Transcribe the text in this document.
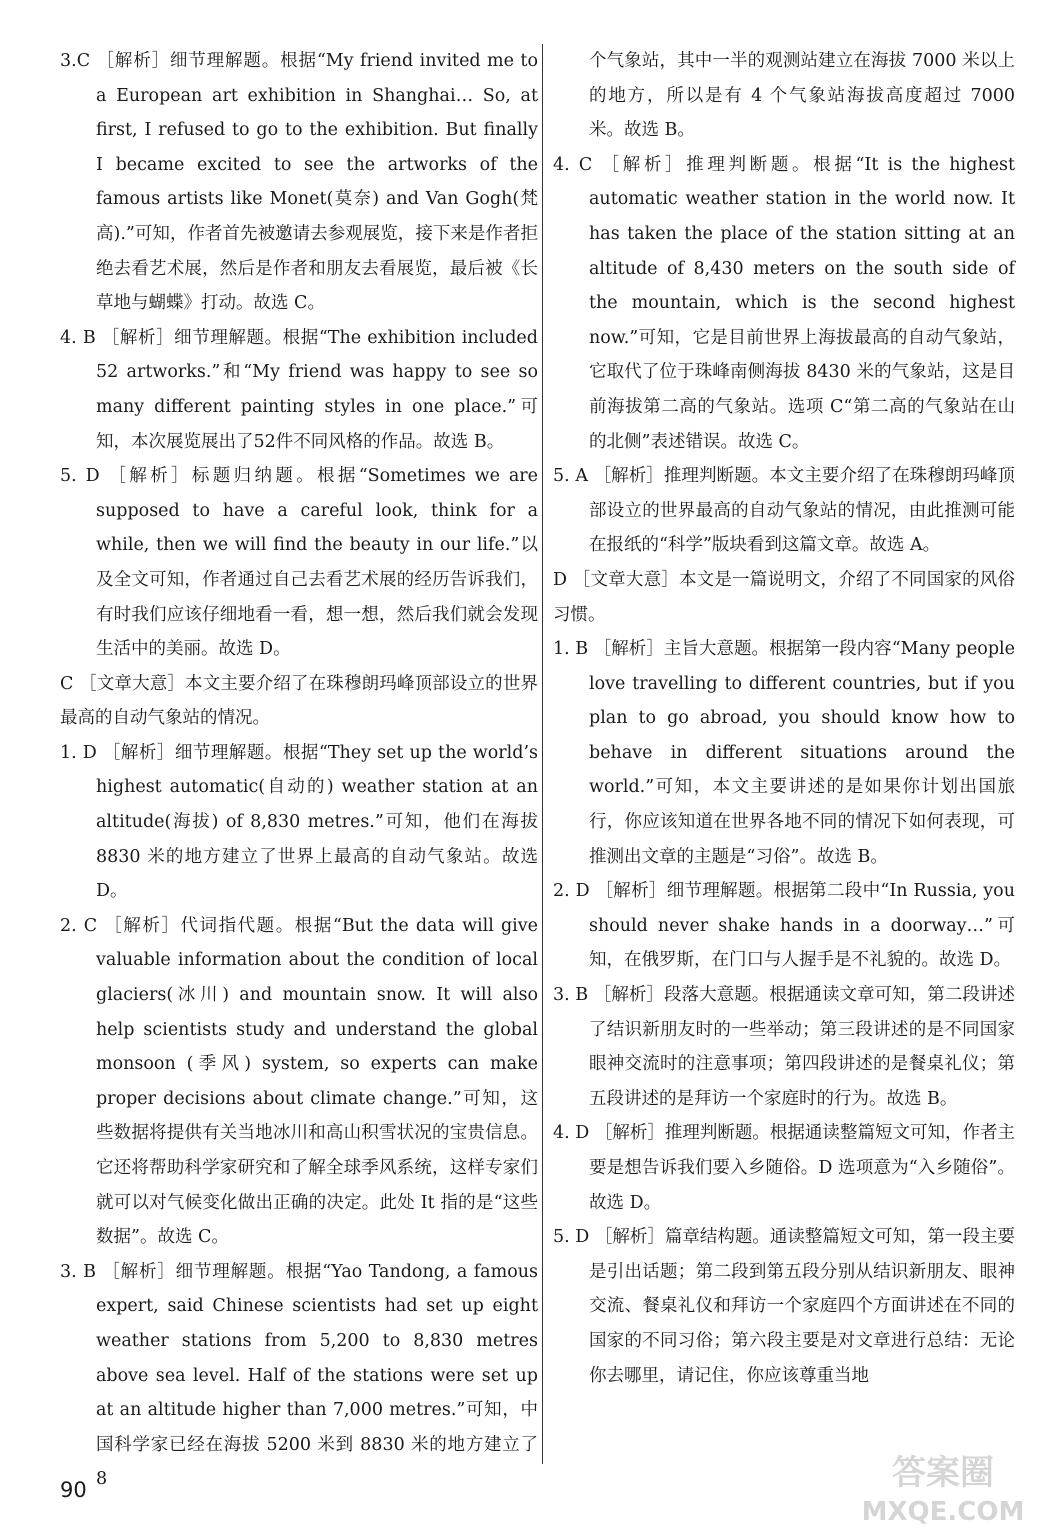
3.C ［解析］细节理解题。根据“My friend invited me to a European art exhibition in Shanghai… So, at first, I refused to go to the exhibition. But finally I became excited to see the artworks of the famous artists like Monet(莫奈) and Van Gogh(梵高).”可知，作者首先被邀请去参观展览，接下来是作者拒绝去看艺术展，然后是作者和朋友去看展览，最后被《长草地与蝴蝶》打动。故选 C。

4. B ［解析］细节理解题。根据“The exhibition included 52 artworks.”和“My friend was happy to see so many different painting styles in one place.”可知，本次展览展出了52件不同风格的作品。故选 B。

5. D ［解析］标题归纳题。根据“Sometimes we are supposed to have a careful look, think for a while, then we will find the beauty in our life.”以及全文可知，作者通过自己去看艺术展的经历告诉我们，有时我们应该仔细地看一看，想一想，然后我们就会发现生活中的美丽。故选 D。

C ［文章大意］本文主要介绍了在珠穆朗玛峰顶部设立的世界最高的自动气象站的情况。

1. D ［解析］细节理解题。根据“They set up the world’s highest automatic(自动的) weather station at an altitude(海拔) of 8,830 metres.”可知，他们在海拔 8830 米的地方建立了世界上最高的自动气象站。故选 D。

2. C ［解析］代词指代题。根据“But the data will give valuable information about the condition of local glaciers(冰川) and mountain snow. It will also help scientists study and understand the global monsoon (季风) system, so experts can make proper decisions about climate change.”可知，这些数据将提供有关当地冰川和高山积雪状况的宝贵信息。它还将帮助科学家研究和了解全球季风系统，这样专家们就可以对气候变化做出正确的决定。此处 It 指的是“这些数据”。故选 C。

3. B ［解析］细节理解题。根据“Yao Tandong, a famous expert, said Chinese scientists had set up eight weather stations from 5,200 to 8,830 metres above sea level. Half of the stations were set up at an altitude higher than 7,000 metres.”可知，中国科学家已经在海拔 5200 米到 8830 米的地方建立了 8

个气象站，其中一半的观测站建立在海拔 7000 米以上的地方，所以是有 4 个气象站海拔高度超过 7000 米。故选 B。

4. C ［解析］推理判断题。根据“It is the highest automatic weather station in the world now. It has taken the place of the station sitting at an altitude of 8,430 meters on the south side of the mountain, which is the second highest now.”可知，它是目前世界上海拔最高的自动气象站，它取代了位于珠峰南侧海拔 8430 米的气象站，这是目前海拔第二高的气象站。选项 C“第二高的气象站在山的北侧”表述错误。故选 C。

5. A ［解析］推理判断题。本文主要介绍了在珠穆朗玛峰顶部设立的世界最高的自动气象站的情况，由此推测可能在报纸的“科学”版块看到这篇文章。故选 A。

D ［文章大意］本文是一篇说明文，介绍了不同国家的风俗习惯。

1. B ［解析］主旨大意题。根据第一段内容“Many people love travelling to different countries, but if you plan to go abroad, you should know how to behave in different situations around the world.”可知，本文主要讲述的是如果你计划出国旅行，你应该知道在世界各地不同的情况下如何表现，可推测出文章的主题是“习俗”。故选 B。

2. D ［解析］细节理解题。根据第二段中“In Russia, you should never shake hands in a doorway…”可知，在俄罗斯，在门口与人握手是不礼貌的。故选 D。

3. B ［解析］段落大意题。根据通读文章可知，第二段讲述了结识新朋友时的一些举动；第三段讲述的是不同国家眼神交流时的注意事项；第四段讲述的是餐桌礼仪；第五段讲述的是拜访一个家庭时的行为。故选 B。

4. D ［解析］推理判断题。根据通读整篇短文可知，作者主要是想告诉我们要入乡随俗。D 选项意为“入乡随俗”。故选 D。

5. D ［解析］篇章结构题。通读整篇短文可知，第一段主要是引出话题；第二段到第五段分别从结识新朋友、眼神交流、餐桌礼仪和拜访一个家庭四个方面讲述在不同的国家的不同习俗；第六段主要是对文章进行总结：无论你去哪里，请记住，你应该尊重当地

90	答案圈
MXQE.COM
